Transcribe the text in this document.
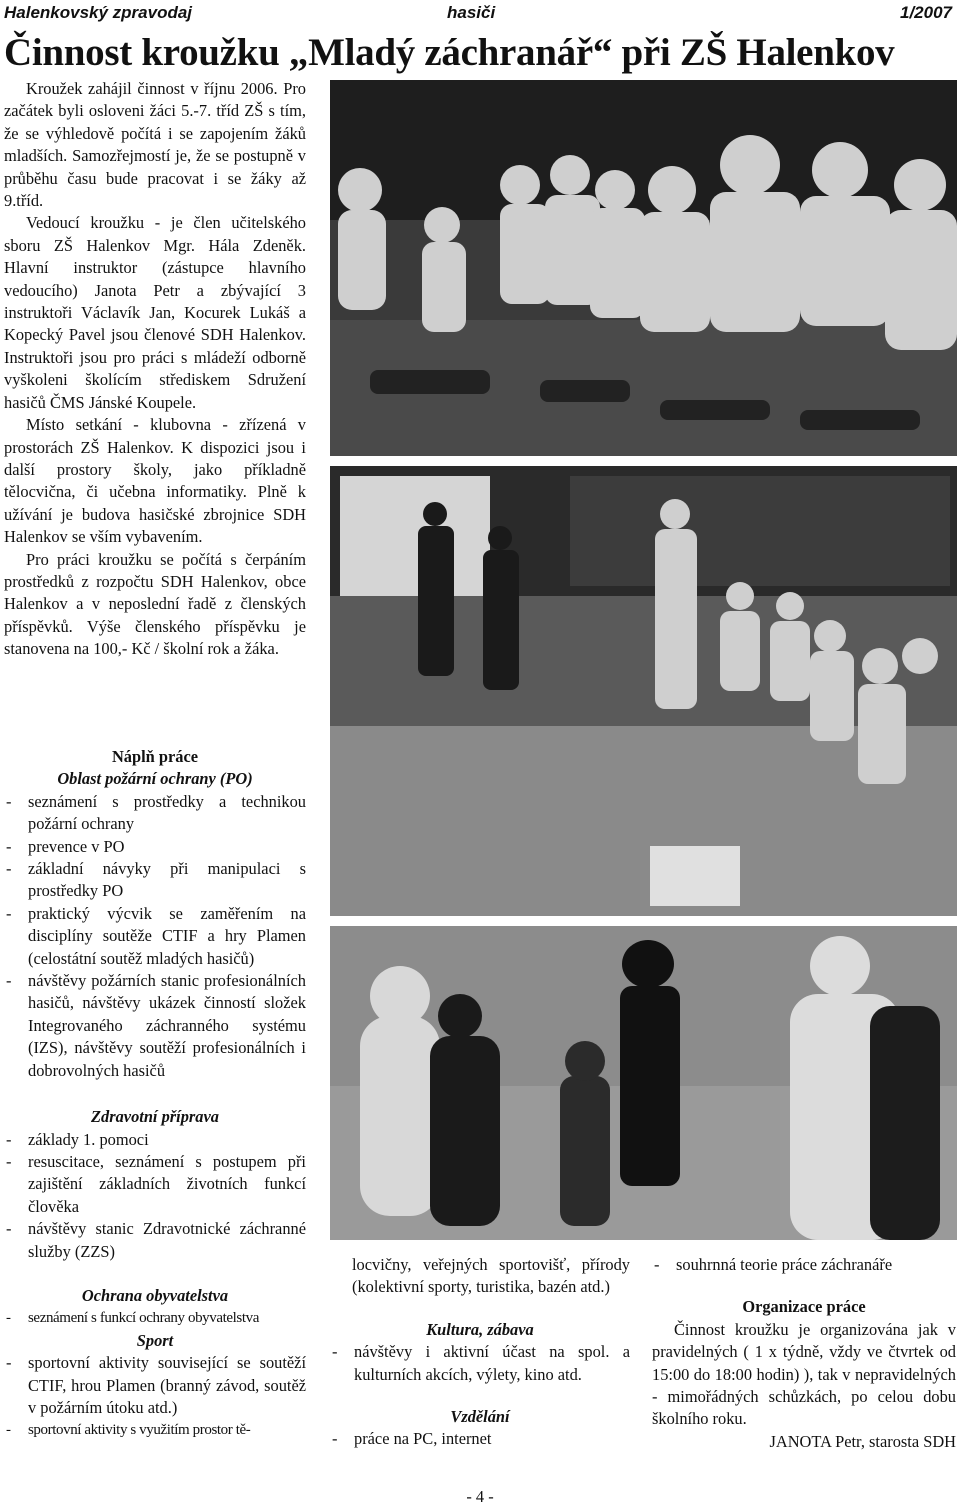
Halenkovský zpravodaj	hasiči	1/2007
Činnost kroužku „Mladý záchranář“ při ZŠ Halenkov

Kroužek zahájil činnost v říjnu 2006. Pro začátek byli osloveni žáci 5.-7. tříd ZŠ s tím, že se výhledově počítá i se zapojením žáků mladších. Samozřejmostí je, že se postupně v průběhu času bude pracovat i se žáky až 9.tříd.

Vedoucí kroužku - je člen učitelského sboru ZŠ Halenkov Mgr. Hála Zdeněk. Hlavní instruktor (zástupce hlavního vedoucího) Janota Petr a zbývající 3 instruktoři Václavík Jan, Kocurek Lukáš a Kopecký Pavel jsou členové SDH Halenkov. Instruktoři jsou pro práci s mládeží odborně vyškoleni školícím střediskem Sdružení hasičů ČMS Jánské Koupele.

Místo setkání - klubovna - zřízená v prostorách ZŠ Halenkov. K dispozici jsou i další prostory školy, jako příkladně tělocvična, či učebna informatiky. Plně k užívání je budova hasičské zbrojnice SDH Halenkov se vším vybavením.

Pro práci kroužku se počítá s čerpáním prostředků z rozpočtu SDH Halenkov, obce Halenkov a v neposlední řadě z členských příspěvků. Výše členského příspěvku je stanovena na 100,- Kč / školní rok a žáka.

Náplň práce
Oblast požární ochrany (PO)
- seznámení s prostředky a technikou požární ochrany
- prevence v PO
- základní návyky při manipulaci s prostředky PO
- praktický výcvik se zaměřením na disciplíny soutěže CTIF a hry Plamen (celostátní soutěž mladých hasičů)
- návštěvy požárních stanic profesionálních hasičů, návštěvy ukázek činností složek Integrovaného záchranného systému (IZS), návštěvy soutěží profesionálních i dobrovolných hasičů
Zdravotní příprava
- základy 1. pomoci
- resuscitace, seznámení s postupem při zajištění základních životních funkcí člověka
- návštěvy stanic Zdravotnické záchranné služby (ZZS)
Ochrana obyvatelstva
- seznámení s funkcí ochrany obyvatelstva
Sport
- sportovní aktivity související se soutěží CTIF, hrou Plamen (branný závod, soutěž v požárním útoku atd.)
- sportovní aktivity s využitím prostor tě-

locvičny, veřejných sportovišť, přírody (kolektivní sporty, turistika, bazén atd.)

Kultura, zábava
- návštěvy i aktivní účast na spol. a kulturních akcích, výlety, kino atd.
Vzdělání
- práce na PC, internet
- souhrnná teorie práce záchranáře
Organizace práce

Činnost kroužku je organizována jak v pravidelných ( 1 x týdně, vždy ve čtvrtek od 15:00 do 18:00 hodin) ), tak v nepravidelných - mimořádných schůzkách, po celou dobu školního roku.

JANOTA Petr, starosta SDH
- 4 -
